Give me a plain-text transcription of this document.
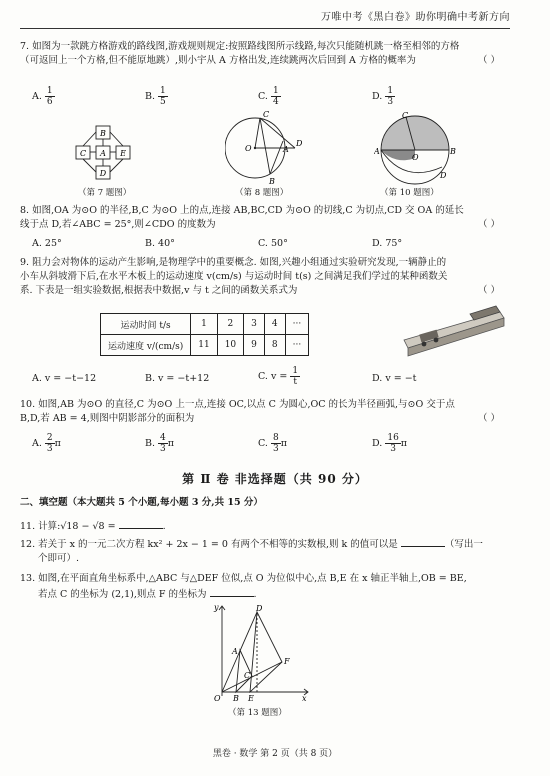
万唯中考《黑白卷》助你明确中考新方向
7. 如图为一款跳方格游戏的路线图,游戏规则规定:按照路线图所示线路,每次只能随机跳一格至相邻的方格
（可返回上一个方格,但不能原地跳）,则小宇从 A 方格出发,连续跳两次后回到 A 方格的概率为	（ ）
A. $\frac{1}{6}$	B. $\frac{1}{5}$	C. $\frac{1}{4}$	D. $\frac{1}{3}$
B
C A E
D
（第 7 题图）
C
O
B
D
A
（第 8 题图）
C
A
O
B
D
（第 10 题图）
8. 如图,OA 为⊙O 的半径,B,C 为⊙O 上的点,连接 AB,BC,CD 为⊙O 的切线,C 为切点,CD 交 OA 的延长
线于点 D,若∠ABC = 25°,则∠CDO 的度数为	（ ）
A. 25°	B. 40°	C. 50°	D. 75°
9. 阻力会对物体的运动产生影响,是物理学中的重要概念. 如图,兴趣小组通过实验研究发现,一辆静止的
小车从斜坡滑下后,在水平木板上的运动速度 v(cm/s) 与运动时间 t(s) 之间满足我们学过的某种函数关
系. 下表是一组实验数据,根据表中数据,v 与 t 之间的函数关系式为	（ ）
运动时间 t/s	1	2	3	4	···
运动速度 v/(cm/s)	11	10	9	8	···
A. v = −t−12	B. v = −t+12	C. $v = \frac{1}{t}$	D. v = −t
10. 如图,AB 为⊙O 的直径,C 为⊙O 上一点,连接 OC,以点 C 为圆心,OC 的长为半径画弧,与⊙O 交于点
B,D,若 AB = 4,则图中阴影部分的面积为	（ ）
A. $\frac{2}{3}$ π	B. $\frac{4}{3}$ π	C. $\frac{8}{3}$ π	D. $\frac{16}{3}$ π
第 Ⅱ 卷 非选择题（共 90 分）
二、填空题（本大题共 5 个小题,每小题 3 分,共 15 分）
11. 计算:√18 − √8 =	.
12. 若关于 x 的一元二次方程 kx² + 2x − 1 = 0 有两个不相等的实数根,则 k 的值可以是	（写出一
个即可）.
13. 如图,在平面直角坐标系中,△ABC 与△DEF 位似,点 O 为位似中心,点 B,E 在 x 轴正半轴上,OB = BE,
若点 C 的坐标为 (2,1),则点 F 的坐标为	.
y	D
A
F
C
O B E	x
（第 13 题图）
黑卷 · 数学 第 2 页（共 8 页）
